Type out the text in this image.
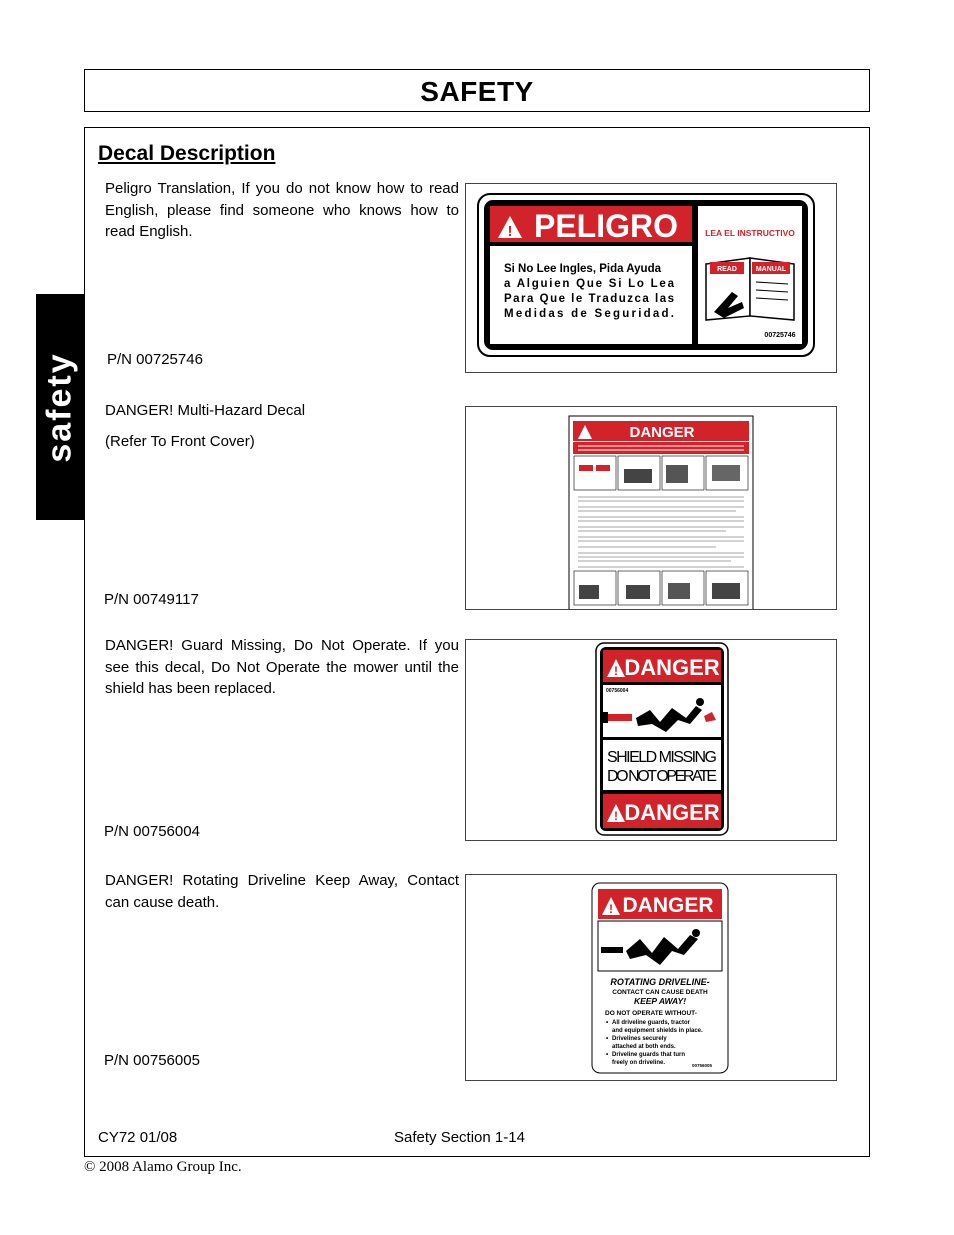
SAFETY
safety
Decal Description
Peligro Translation, If you do not know how to read English, please find someone who knows how to read English.
P/N 00725746
! PELIGRO
Si No Lee Ingles, Pida Ayuda
a Alguien Que Si Lo Lea
Para Que le Traduzca las
Medidas de Seguridad.
LEA EL INSTRUCTIVO
READ	MANUAL
00725746
DANGER! Multi-Hazard Decal
(Refer To Front Cover)
P/N 00749117
DANGER
DANGER! Guard Missing, Do Not Operate. If you see this decal, Do Not Operate the mower until the shield has been replaced.
P/N 00756004
! DANGER
00756004
SHIELD MISSING
DO NOT OPERATE
! DANGER
DANGER! Rotating Driveline Keep Away, Contact can cause death.
P/N 00756005
! DANGER
ROTATING DRIVELINE-
CONTACT CAN CAUSE DEATH
KEEP AWAY!
DO NOT OPERATE WITHOUT-
• All driveline guards, tractor
and equipment shields in place.
• Drivelines securely
attached at both ends.
• Driveline guards that turn
freely on driveline.	00756005
CY72 01/08	Safety Section 1-14
© 2008 Alamo Group Inc.
